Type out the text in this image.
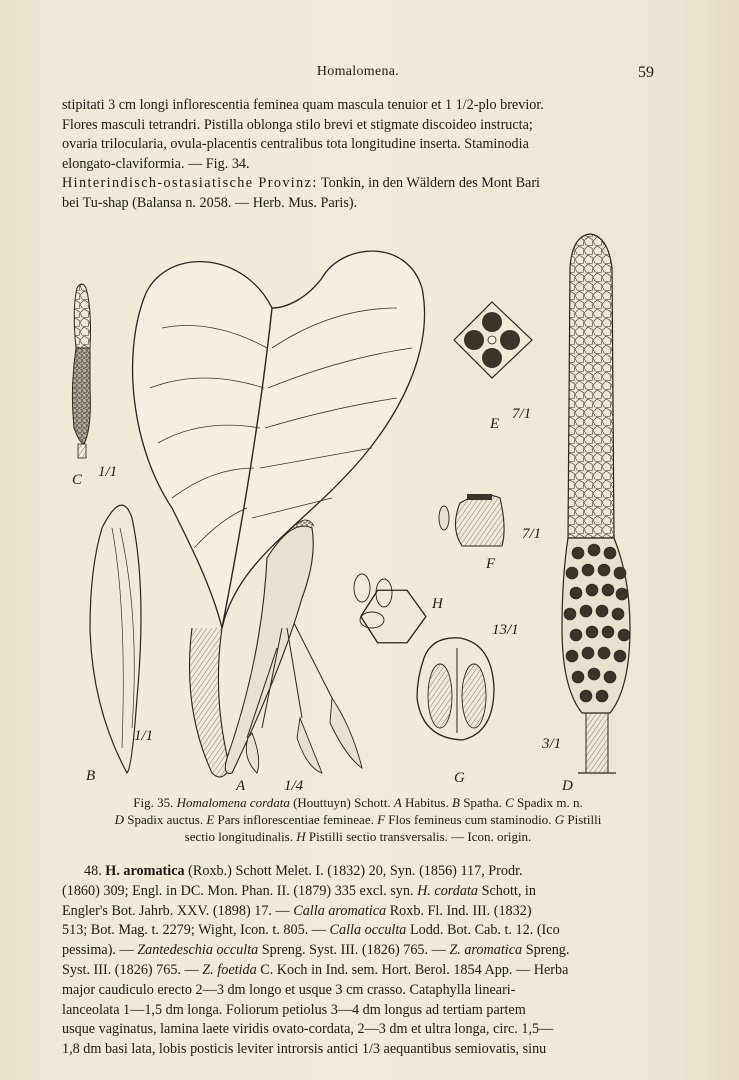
Homalomena.	59

stipitati 3 cm longi inflorescentia feminea quam mascula tenuior et 1 1/2-plo brevior.

Flores masculi tetrandri. Pistilla oblonga stilo brevi et stigmate discoideo instructa;

ovaria trilocularia, ovula-placentis centralibus tota longitudine inserta. Staminodia

elongato-claviformia. — Fig. 34.

Hinterindisch-ostasiatische Provinz: Tonkin, in den Wäldern des Mont Bari

bei Tu-shap (Balansa n. 2058. — Herb. Mus. Paris).

C 1/1
1/1
B
A	1/4
E
7/1
7/1
F
H
13/1
G
3/1
D
Fig. 35. Homalomena cordata (Houttuyn) Schott. A Habitus. B Spatha. C Spadix m. n.
D Spadix auctus. E Pars inflorescentiae femineae. F Flos femineus cum staminodio. G Pistilli
sectio longitudinalis. H Pistilli sectio transversalis. — Icon. origin.

48. H. aromatica (Roxb.) Schott Melet. I. (1832) 20, Syn. (1856) 117, Prodr.

(1860) 309; Engl. in DC. Mon. Phan. II. (1879) 335 excl. syn. H. cordata Schott, in

Engler's Bot. Jahrb. XXV. (1898) 17. — Calla aromatica Roxb. Fl. Ind. III. (1832)

513; Bot. Mag. t. 2279; Wight, Icon. t. 805. — Calla occulta Lodd. Bot. Cab. t. 12. (Ico

pessima). — Zantedeschia occulta Spreng. Syst. III. (1826) 765. — Z. aromatica Spreng.

Syst. III. (1826) 765. — Z. foetida C. Koch in Ind. sem. Hort. Berol. 1854 App. — Herba

major caudiculo erecto 2—3 dm longo et usque 3 cm crasso. Cataphylla lineari-

lanceolata 1—1,5 dm longa. Foliorum petiolus 3—4 dm longus ad tertiam partem

usque vaginatus, lamina laete viridis ovato-cordata, 2—3 dm et ultra longa, circ. 1,5—

1,8 dm basi lata, lobis posticis leviter introrsis antici 1/3 aequantibus semiovatis, sinu
